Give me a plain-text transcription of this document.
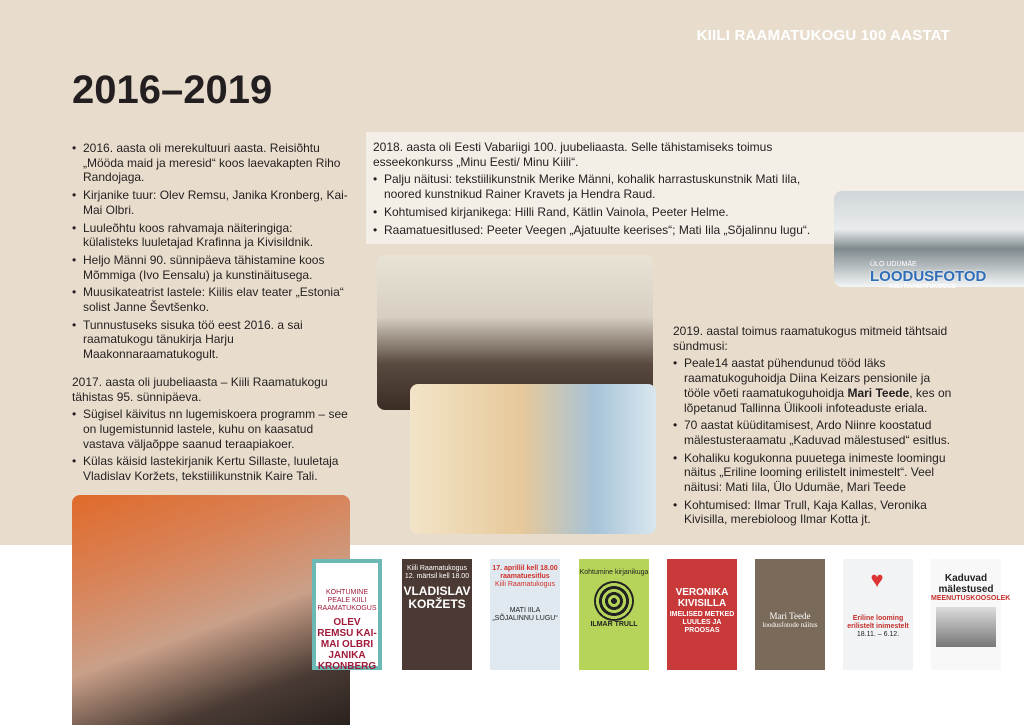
KIILI RAAMATUKOGU 100 AASTAT
2016–2019
• 2016. aasta oli merekultuuri aasta. Reisiõhtu „Mööda maid ja meresid“ koos laevakapten Riho Randojaga.
• Kirjanike tuur: Olev Remsu, Janika Kronberg, Kai-Mai Olbri.
• Luuleõhtu koos rahvamaja näiteringiga: külalisteks luuletajad Krafinna ja Kivisildnik.
• Heljo Männi 90. sünnipäeva tähistamine koos Mõmmiga (Ivo Eensalu) ja kunstinäitusega.
• Muusikateatrist lastele: Kiilis elav teater „Estonia“ solist Janne Ševtšenko.
• Tunnustuseks sisuka töö eest 2016. a sai raamatukogu tänukirja Harju Maakonnaraamatukogult.

2017. aasta oli juubeliaasta – Kiili Raamatukogu tähistas 95. sünnipäeva.

• Sügisel käivitus nn lugemiskoera programm – see on lugemistunnid lastele, kuhu on kaasatud vastava väljaõppe saanud teraapiakoer.
• Külas käisid lastekirjanik Kertu Sillaste, luuletaja Vladislav Koržets, tekstiilikunstnik Kaire Tali.

2018. aasta oli Eesti Vabariigi 100. juubeliaasta. Selle tähistamiseks toimus esseekonkurss „Minu Eesti/ Minu Kiili“.

• Palju näitusi: tekstiilikunstnik Merike Männi, kohalik harrastuskunstnik Mati Iila, noored kunstnikud Rainer Kravets ja Hendra Raud.
• Kohtumised kirjanikega: Hilli Rand, Kätlin Vainola, Peeter Helme.
• Raamatuesitlused: Peeter Veegen „Ajatuulte keerises“; Mati Iila „Sõjalinnu lugu“.
ÜLO UDUMÄE
LOODUSFOTOD
KIILI RAAMATUKOGUS

2019. aastal toimus raamatukogus mitmeid tähtsaid sündmusi:

• Peale14 aastat pühendunud tööd läks raamatukoguhoidja Diina Keizars pensionile ja tööle võeti raamatukoguhoidja Mari Teede, kes on lõpetanud Tallinna Ülikooli infoteaduste eriala.
• 70 aastat küüditamisest, Ardo Niinre koostatud mälestusteraamatu „Kaduvad mälestused“ esitlus.
• Kohaliku kogukonna puuetega inimeste loomingu näitus „Eriline looming erilistelt inimestelt“. Veel näitusi: Mati Iila, Ülo Udumäe, Mari Teede
• Kohtumised: Ilmar Trull, Kaja Kallas, Veronika Kivisilla, merebioloog Ilmar Kotta jt.
KOHTUMINE PEALE KIILI RAAMATUKOGUS
OLEV REMSU KAI-MAI OLBRI JANIKA KRONBERG
Kiili Raamatukogus 12. märtsil kell 18.00
VLADISLAV KORŽETS
17. aprillil kell 18.00 raamatuesitlus
Kiili Raamatukogus
MATI IILA „SÕJALINNU LUGU“
Kohtumine kirjanikuga
ILMAR TRULL
VERONIKA KIVISILLA
IMELISED METKED LUULES JA PROOSAS
Mari Teede
loodusfotode näitus
♥
Eriline looming erilistelt inimestelt
18.11. – 6.12.
Kaduvad mälestused
MEENUTUSKOOSOLEK
